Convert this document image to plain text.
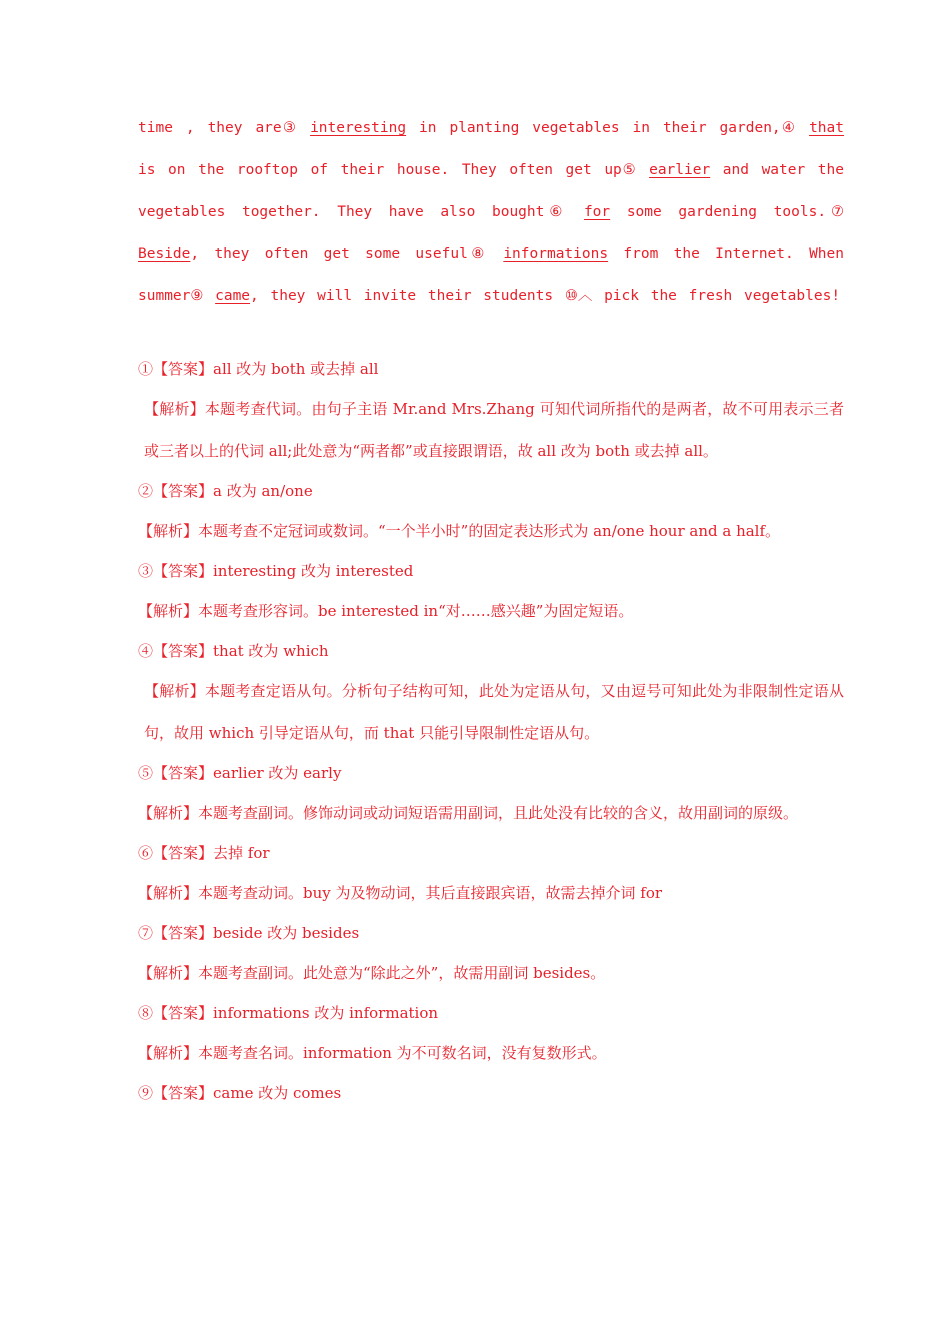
time , they are③ interesting in planting vegetables in their garden,④ that is on the rooftop of their house. They often get up⑤ earlier and water the vegetables together. They have also bought⑥ for some gardening tools.⑦ Beside, they often get some useful⑧ informations from the Internet. When summer⑨ came, they will invite their students ⑩︿ pick the fresh vegetables!
①【答案】all 改为 both 或去掉 all
【解析】本题考查代词。由句子主语 Mr.and Mrs.Zhang 可知代词所指代的是两者，故不可用表示三者或三者以上的代词 all;此处意为“两者都”或直接跟谓语，故 all 改为 both 或去掉 all。
②【答案】a 改为 an/one
【解析】本题考查不定冠词或数词。“一个半小时”的固定表达形式为 an/one hour and a half。
③【答案】interesting 改为 interested
【解析】本题考查形容词。be interested in“对……感兴趣”为固定短语。
④【答案】that 改为 which
【解析】本题考查定语从句。分析句子结构可知，此处为定语从句，又由逗号可知此处为非限制性定语从句，故用 which 引导定语从句，而 that 只能引导限制性定语从句。
⑤【答案】earlier 改为 early
【解析】本题考查副词。修饰动词或动词短语需用副词，且此处没有比较的含义，故用副词的原级。
⑥【答案】去掉 for
【解析】本题考查动词。buy 为及物动词，其后直接跟宾语，故需去掉介词 for
⑦【答案】beside 改为 besides
【解析】本题考查副词。此处意为“除此之外”，故需用副词 besides。
⑧【答案】informations 改为 information
【解析】本题考查名词。information 为不可数名词，没有复数形式。
⑨【答案】came 改为 comes
